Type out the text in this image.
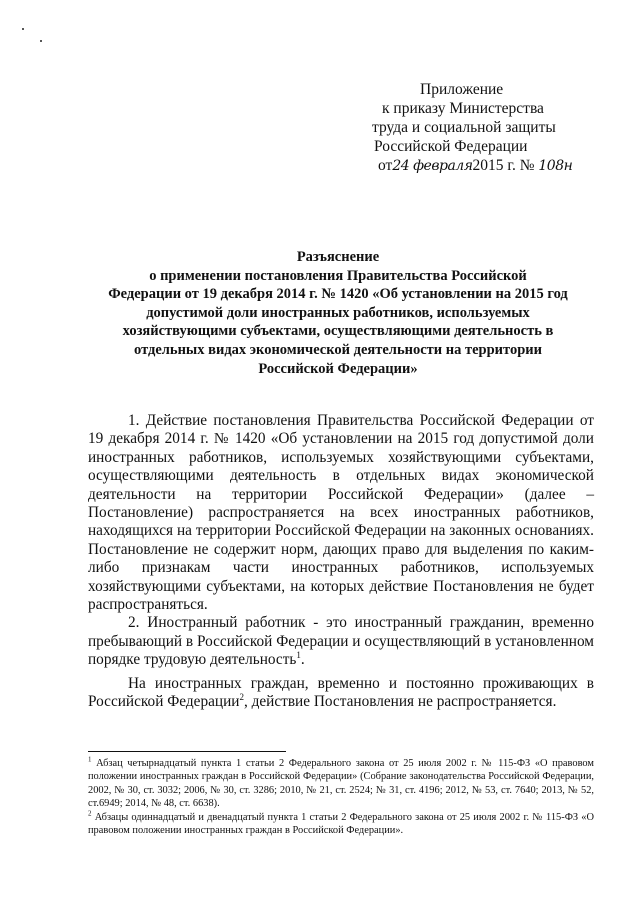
Приложение
к приказу Министерства
труда и социальной защиты
Российской Федерации
от24 февраля2015 г. № 108н
Разъяснение
о применении постановления Правительства Российской
Федерации от 19 декабря 2014 г. № 1420 «Об установлении на 2015 год
допустимой доли иностранных работников, используемых
хозяйствующими субъектами, осуществляющими деятельность в
отдельных видах экономической деятельности на территории
Российской Федерации»

1. Действие постановления Правительства Российской Федерации от 19 декабря 2014 г. № 1420 «Об установлении на 2015 год допустимой доли иностранных работников, используемых хозяйствующими субъектами, осуществляющими деятельность в отдельных видах экономической деятельности на территории Российской Федерации» (далее – Постановление) распространяется на всех иностранных работников, находящихся на территории Российской Федерации на законных основаниях. Постановление не содержит норм, дающих право для выделения по каким-либо признакам части иностранных работников, используемых хозяйствующими субъектами, на которых действие Постановления не будет распространяться.

2. Иностранный работник - это иностранный гражданин, временно пребывающий в Российской Федерации и осуществляющий в установленном порядке трудовую деятельность$^1$.

На иностранных граждан, временно и постоянно проживающих в Российской Федерации$^2$, действие Постановления не распространяется.

$^1$ Абзац четырнадцатый пункта 1 статьи 2 Федерального закона от 25 июля 2002 г. № 115-ФЗ «О правовом положении иностранных граждан в Российской Федерации» (Собрание законодательства Российской Федерации, 2002, № 30, ст. 3032; 2006, № 30, ст. 3286; 2010, № 21, ст. 2524; № 31, ст. 4196; 2012, № 53, ст. 7640; 2013, № 52, ст.6949; 2014, № 48, ст. 6638).

$^2$ Абзацы одиннадцатый и двенадцатый пункта 1 статьи 2 Федерального закона от 25 июля 2002 г. № 115-ФЗ «О правовом положении иностранных граждан в Российской Федерации».
